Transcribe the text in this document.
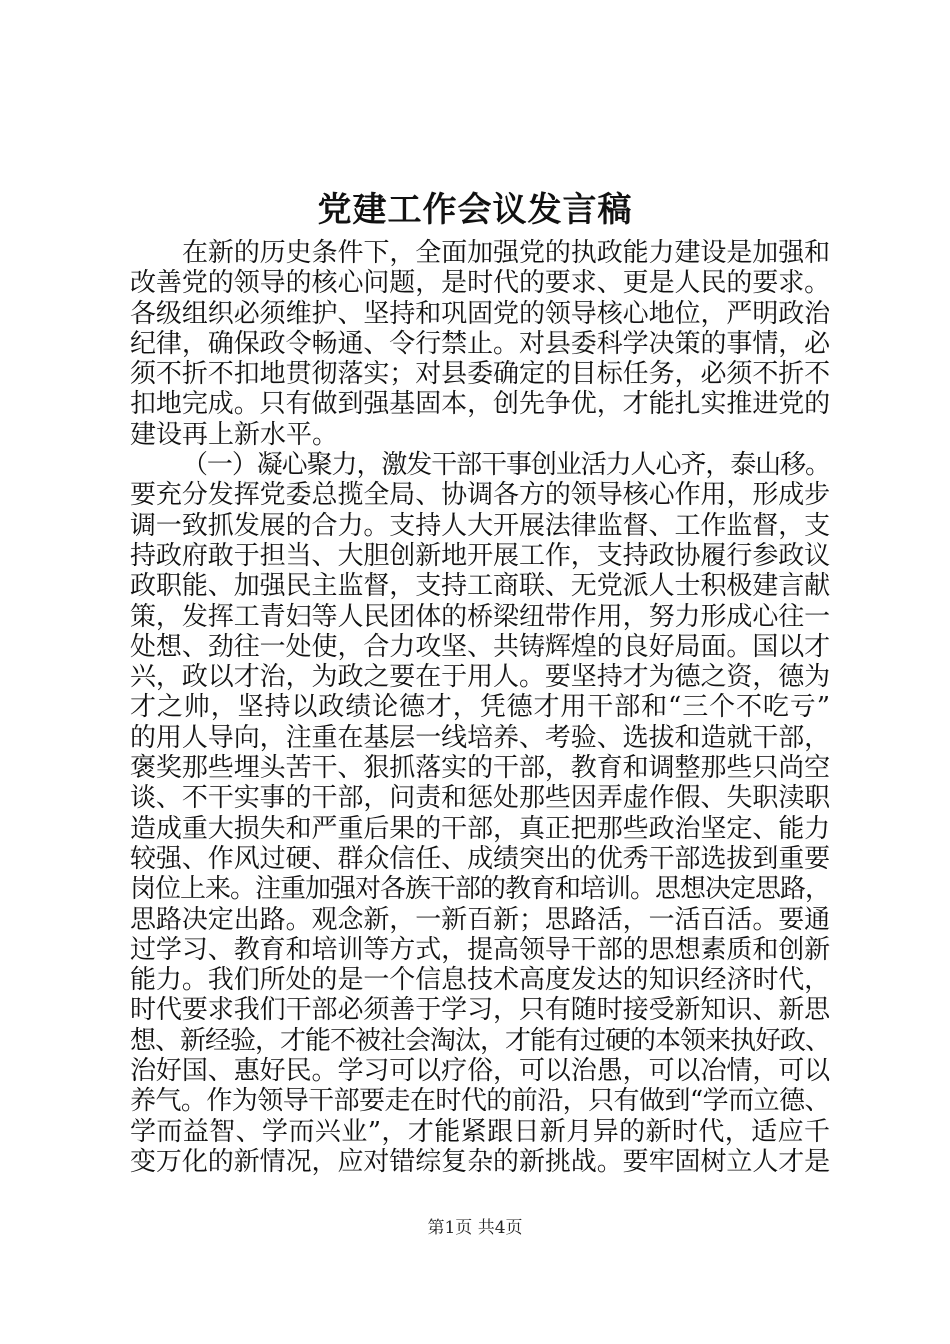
党建工作会议发言稿
在新的历史条件下，全面加强党的执政能力建设是加强和
改善党的领导的核心问题，是时代的要求、更是人民的要求。
各级组织必须维护、坚持和巩固党的领导核心地位，严明政治
纪律，确保政令畅通、令行禁止。对县委科学决策的事情，必
须不折不扣地贯彻落实；对县委确定的目标任务，必须不折不
扣地完成。只有做到强基固本，创先争优，才能扎实推进党的
建设再上新水平。
（一）凝心聚力，激发干部干事创业活力人心齐，泰山移。
要充分发挥党委总揽全局、协调各方的领导核心作用，形成步
调一致抓发展的合力。支持人大开展法律监督、工作监督，支
持政府敢于担当、大胆创新地开展工作，支持政协履行参政议
政职能、加强民主监督，支持工商联、无党派人士积极建言献
策，发挥工青妇等人民团体的桥梁纽带作用，努力形成心往一
处想、劲往一处使，合力攻坚、共铸辉煌的良好局面。国以才
兴，政以才治，为政之要在于用人。要坚持才为德之资，德为
才之帅，坚持以政绩论德才，凭德才用干部和“三个不吃亏”
的用人导向，注重在基层一线培养、考验、选拔和造就干部，
褒奖那些埋头苦干、狠抓落实的干部，教育和调整那些只尚空
谈、不干实事的干部，问责和惩处那些因弄虚作假、失职渎职
造成重大损失和严重后果的干部，真正把那些政治坚定、能力
较强、作风过硬、群众信任、成绩突出的优秀干部选拔到重要
岗位上来。注重加强对各族干部的教育和培训。思想决定思路，
思路决定出路。观念新，一新百新；思路活，一活百活。要通
过学习、教育和培训等方式，提高领导干部的思想素质和创新
能力。我们所处的是一个信息技术高度发达的知识经济时代，
时代要求我们干部必须善于学习，只有随时接受新知识、新思
想、新经验，才能不被社会淘汰，才能有过硬的本领来执好政、
治好国、惠好民。学习可以疗俗，可以治愚，可以冶情，可以
养气。作为领导干部要走在时代的前沿，只有做到“学而立德、
学而益智、学而兴业”，才能紧跟日新月异的新时代，适应千
变万化的新情况，应对错综复杂的新挑战。要牢固树立人才是
第1页 共4页
